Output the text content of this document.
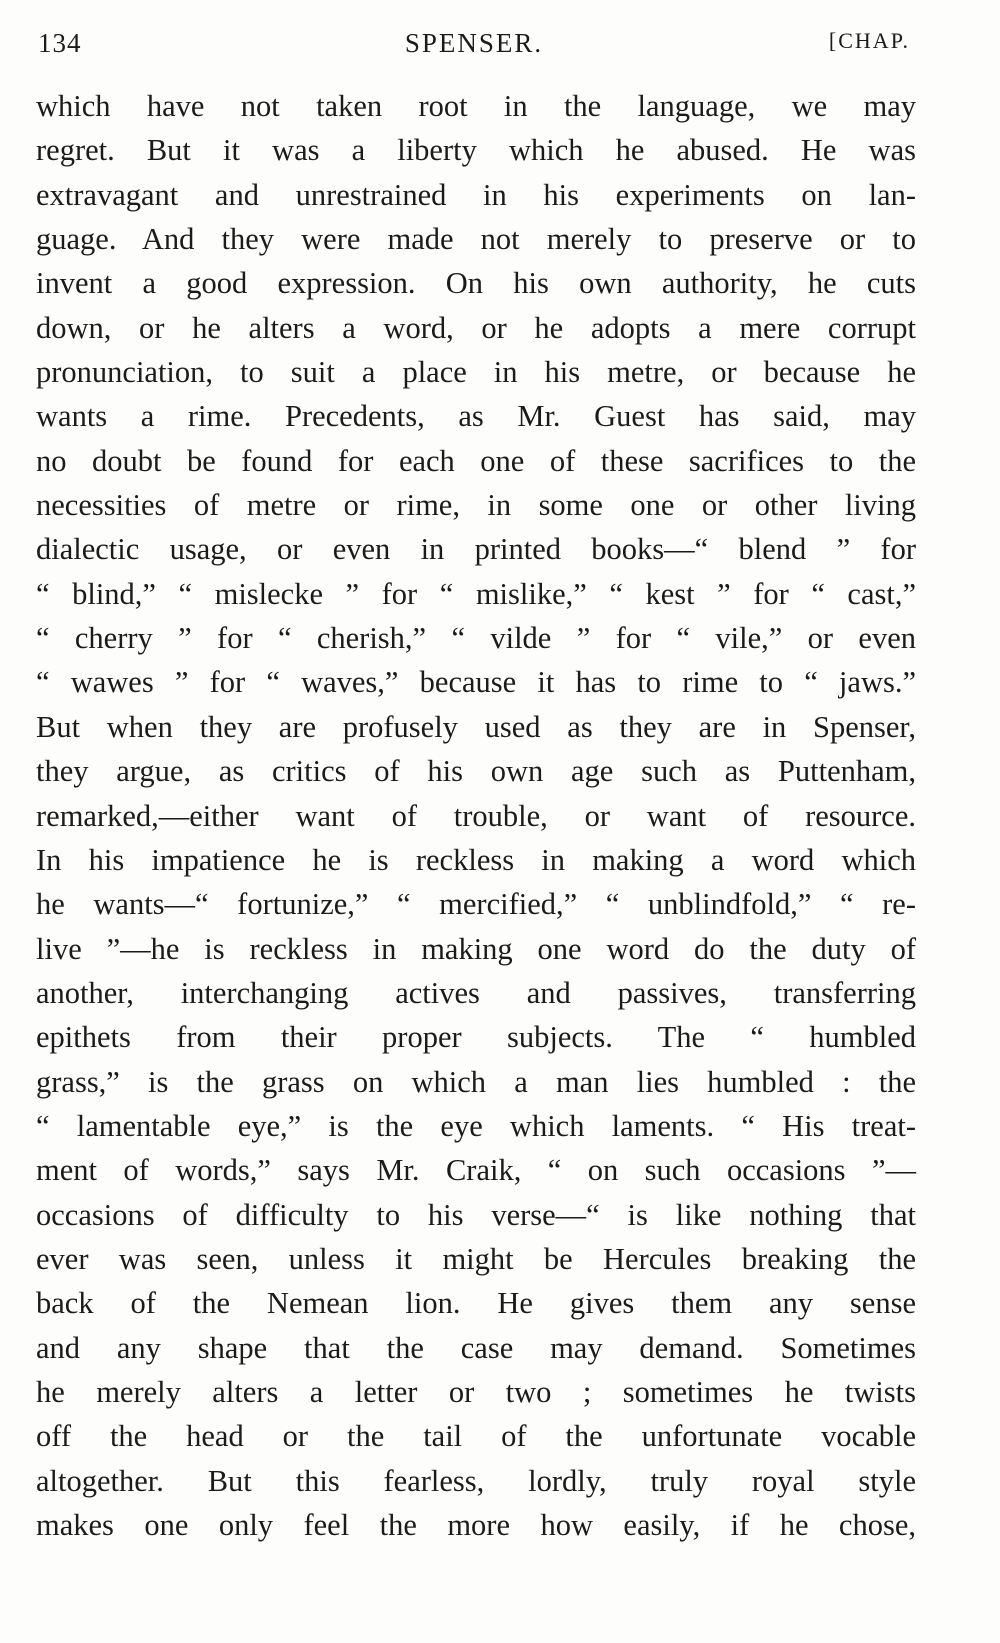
134	SPENSER.	[CHAP.
which have not taken root in the language, we may
regret. But it was a liberty which he abused. He was
extravagant and unrestrained in his experiments on lan-
guage. And they were made not merely to preserve or to
invent a good expression. On his own authority, he cuts
down, or he alters a word, or he adopts a mere corrupt
pronunciation, to suit a place in his metre, or because he
wants a rime. Precedents, as Mr. Guest has said, may
no doubt be found for each one of these sacrifices to the
necessities of metre or rime, in some one or other living
dialectic usage, or even in printed books—“ blend ” for
“ blind,” “ mislecke ” for “ mislike,” “ kest ” for “ cast,”
“ cherry ” for “ cherish,” “ vilde ” for “ vile,” or even
“ wawes ” for “ waves,” because it has to rime to “ jaws.”
But when they are profusely used as they are in Spenser,
they argue, as critics of his own age such as Puttenham,
remarked,—either want of trouble, or want of resource.
In his impatience he is reckless in making a word which
he wants—“ fortunize,” “ mercified,” “ unblindfold,” “ re-
live ”—he is reckless in making one word do the duty of
another, interchanging actives and passives, transferring
epithets from their proper subjects. The “ humbled
grass,” is the grass on which a man lies humbled : the
“ lamentable eye,” is the eye which laments. “ His treat-
ment of words,” says Mr. Craik, “ on such occasions ”—
occasions of difficulty to his verse—“ is like nothing that
ever was seen, unless it might be Hercules breaking the
back of the Nemean lion. He gives them any sense
and any shape that the case may demand. Sometimes
he merely alters a letter or two ; sometimes he twists
off the head or the tail of the unfortunate vocable
altogether. But this fearless, lordly, truly royal style
makes one only feel the more how easily, if he chose,
